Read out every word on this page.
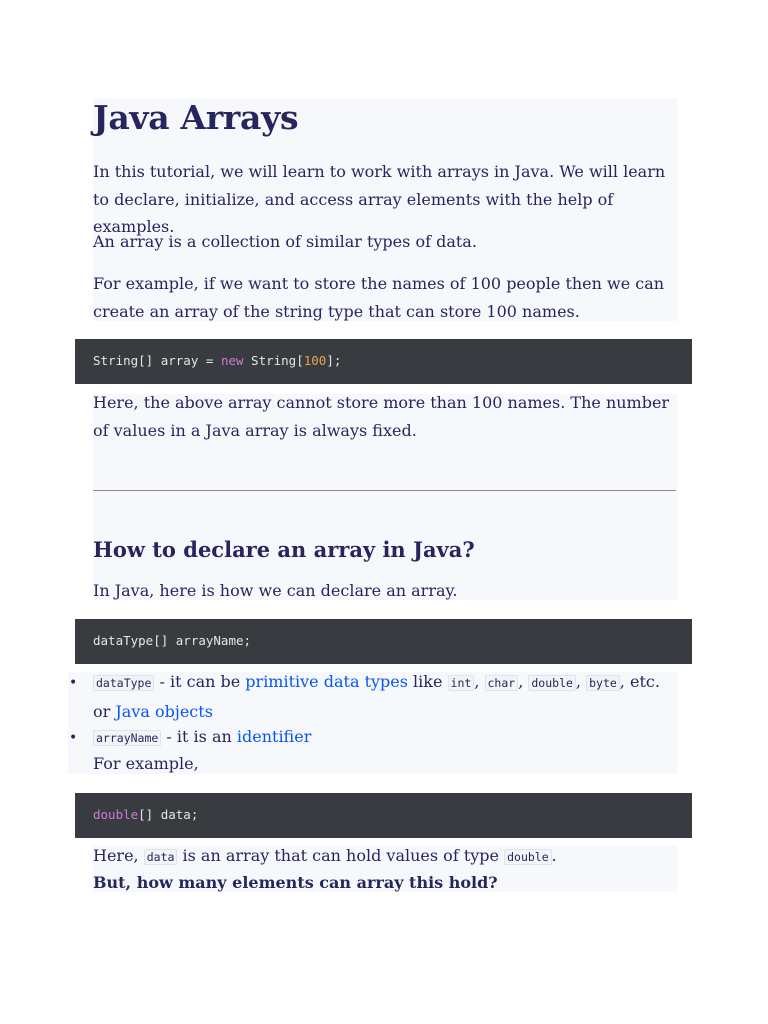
Java Arrays

In this tutorial, we will learn to work with arrays in Java. We will learn to declare, initialize, and access array elements with the help of examples.

An array is a collection of similar types of data.

For example, if we want to store the names of 100 people then we can create an array of the string type that can store 100 names.

String[] array = new String[100];

Here, the above array cannot store more than 100 names. The number of values in a Java array is always fixed.

How to declare an array in Java?

In Java, here is how we can declare an array.

dataType[] arrayName;
• dataType - it can be primitive data types like int , char , double , byte , etc. or Java objects

• arrayName - it is an identifier

For example,

double[] data;

Here, data is an array that can hold values of type double .

But, how many elements can array this hold?
